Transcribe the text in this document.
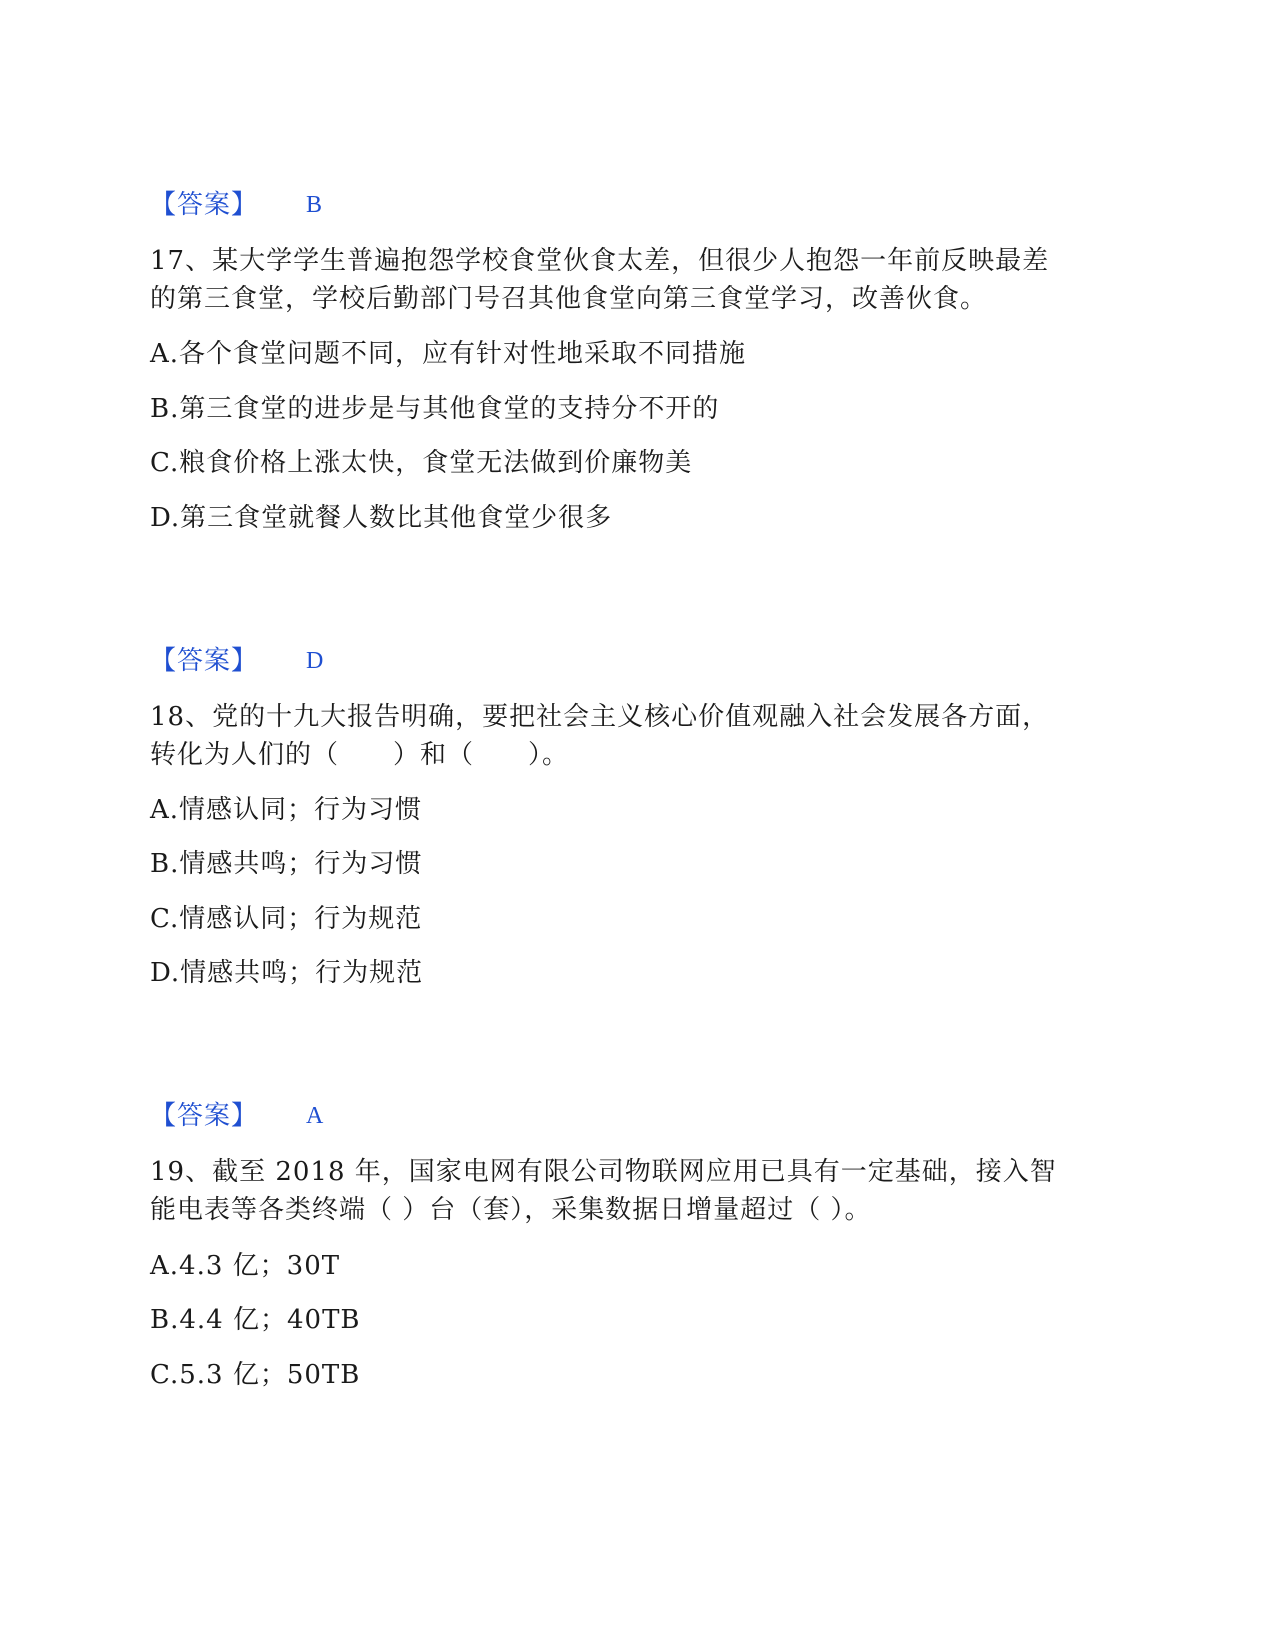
【答案】 B
17、某大学学生普遍抱怨学校食堂伙食太差，但很少人抱怨一年前反映最差
的第三食堂，学校后勤部门号召其他食堂向第三食堂学习，改善伙食。
A.各个食堂问题不同，应有针对性地采取不同措施
B.第三食堂的进步是与其他食堂的支持分不开的
C.粮食价格上涨太快，食堂无法做到价廉物美
D.第三食堂就餐人数比其他食堂少很多
【答案】 D
18、党的十九大报告明确，要把社会主义核心价值观融入社会发展各方面，
转化为人们的（　　）和（　　）。
A.情感认同；行为习惯
B.情感共鸣；行为习惯
C.情感认同；行为规范
D.情感共鸣；行为规范
【答案】 A
19、截至 2018 年，国家电网有限公司物联网应用已具有一定基础，接入智
能电表等各类终端（ ）台（套），采集数据日增量超过（ ）。
A.4.3 亿；30T
B.4.4 亿；40TB
C.5.3 亿；50TB
